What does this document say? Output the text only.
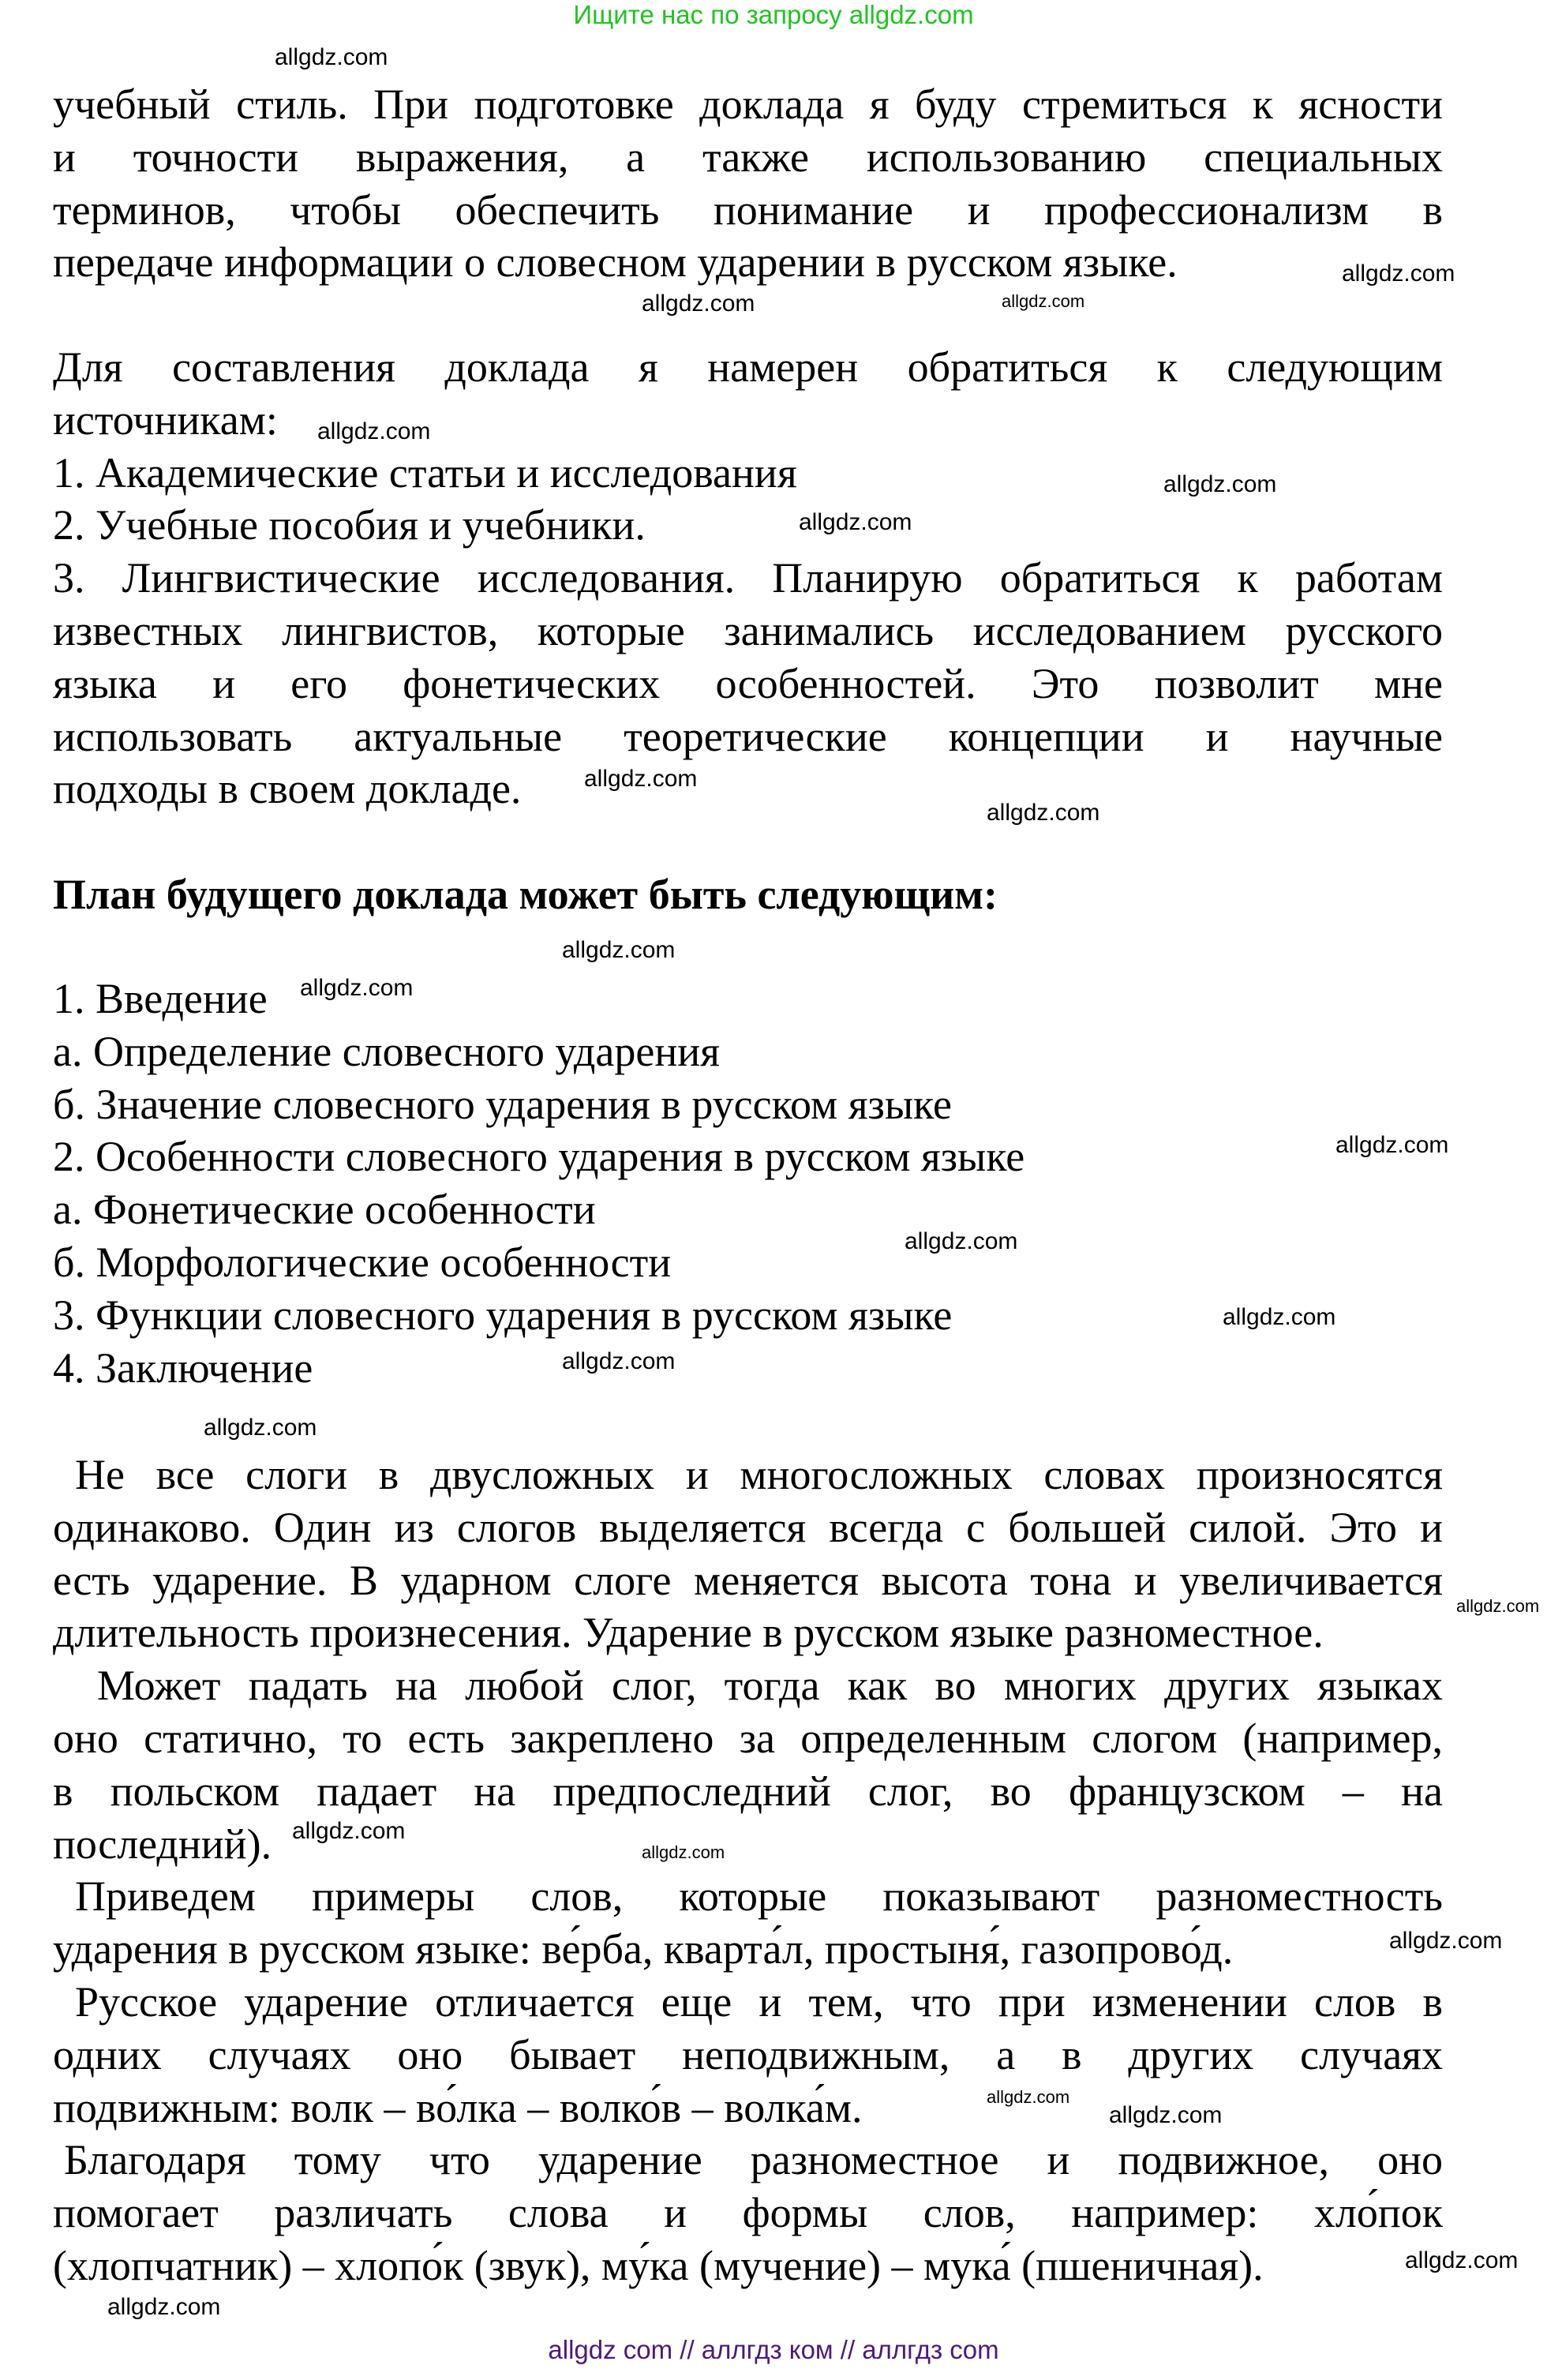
Ищите нас по запросу allgdz.com
учебный стиль. При подготовке доклада я буду стремиться к ясности
и точности выражения, а также использованию специальных
терминов, чтобы обеспечить понимание и профессионализм в
передаче информации о словесном ударении в русском языке.
Для составления доклада я намерен обратиться к следующим
источникам:
1. Академические статьи и исследования
2. Учебные пособия и учебники.
3. Лингвистические исследования. Планирую обратиться к работам
известных лингвистов, которые занимались исследованием русского
языка и его фонетических особенностей. Это позволит мне
использовать актуальные теоретические концепции и научные
подходы в своем докладе.
План будущего доклада может быть следующим:
1. Введение
а. Определение словесного ударения
б. Значение словесного ударения в русском языке
2. Особенности словесного ударения в русском языке
а. Фонетические особенности
б. Морфологические особенности
3. Функции словесного ударения в русском языке
4. Заключение
Не все слоги в двусложных и многосложных словах произносятся
одинаково. Один из слогов выделяется всегда с большей силой. Это и
есть ударение. В ударном слоге меняется высота тона и увеличивается
длительность произнесения. Ударение в русском языке разноместное.
Может падать на любой слог, тогда как во многих других языках
оно статично, то есть закреплено за определенным слогом (например,
в польском падает на предпоследний слог, во французском – на
последний).
Приведем примеры слов, которые показывают разноместность
ударения в русском языке: ве́рба, кварта́л, простыня́, газопрово́д.
Русское ударение отличается еще и тем, что при изменении слов в
одних случаях оно бывает неподвижным, а в других случаях
подвижным: волк – во́лка – волко́в – волка́м.
Благодаря тому что ударение разноместное и подвижное, оно
помогает различать слова и формы слов, например: хло́пок
(хлопчатник) – хлопо́к (звук), му́ка (мучение) – мука́ (пшеничная).
allgdz.com
allgdz.com
allgdz.com
allgdz.com
allgdz.com
allgdz.com
allgdz.com
allgdz.com
allgdz.com
allgdz.com
allgdz.com
allgdz.com
allgdz.com
allgdz.com
allgdz.com
allgdz.com
allgdz.com
allgdz.com
allgdz.com
allgdz.com
allgdz.com
allgdz.com
allgdz.com
allgdz.com
allgdz com // аллгдз ком // аллгдз com
